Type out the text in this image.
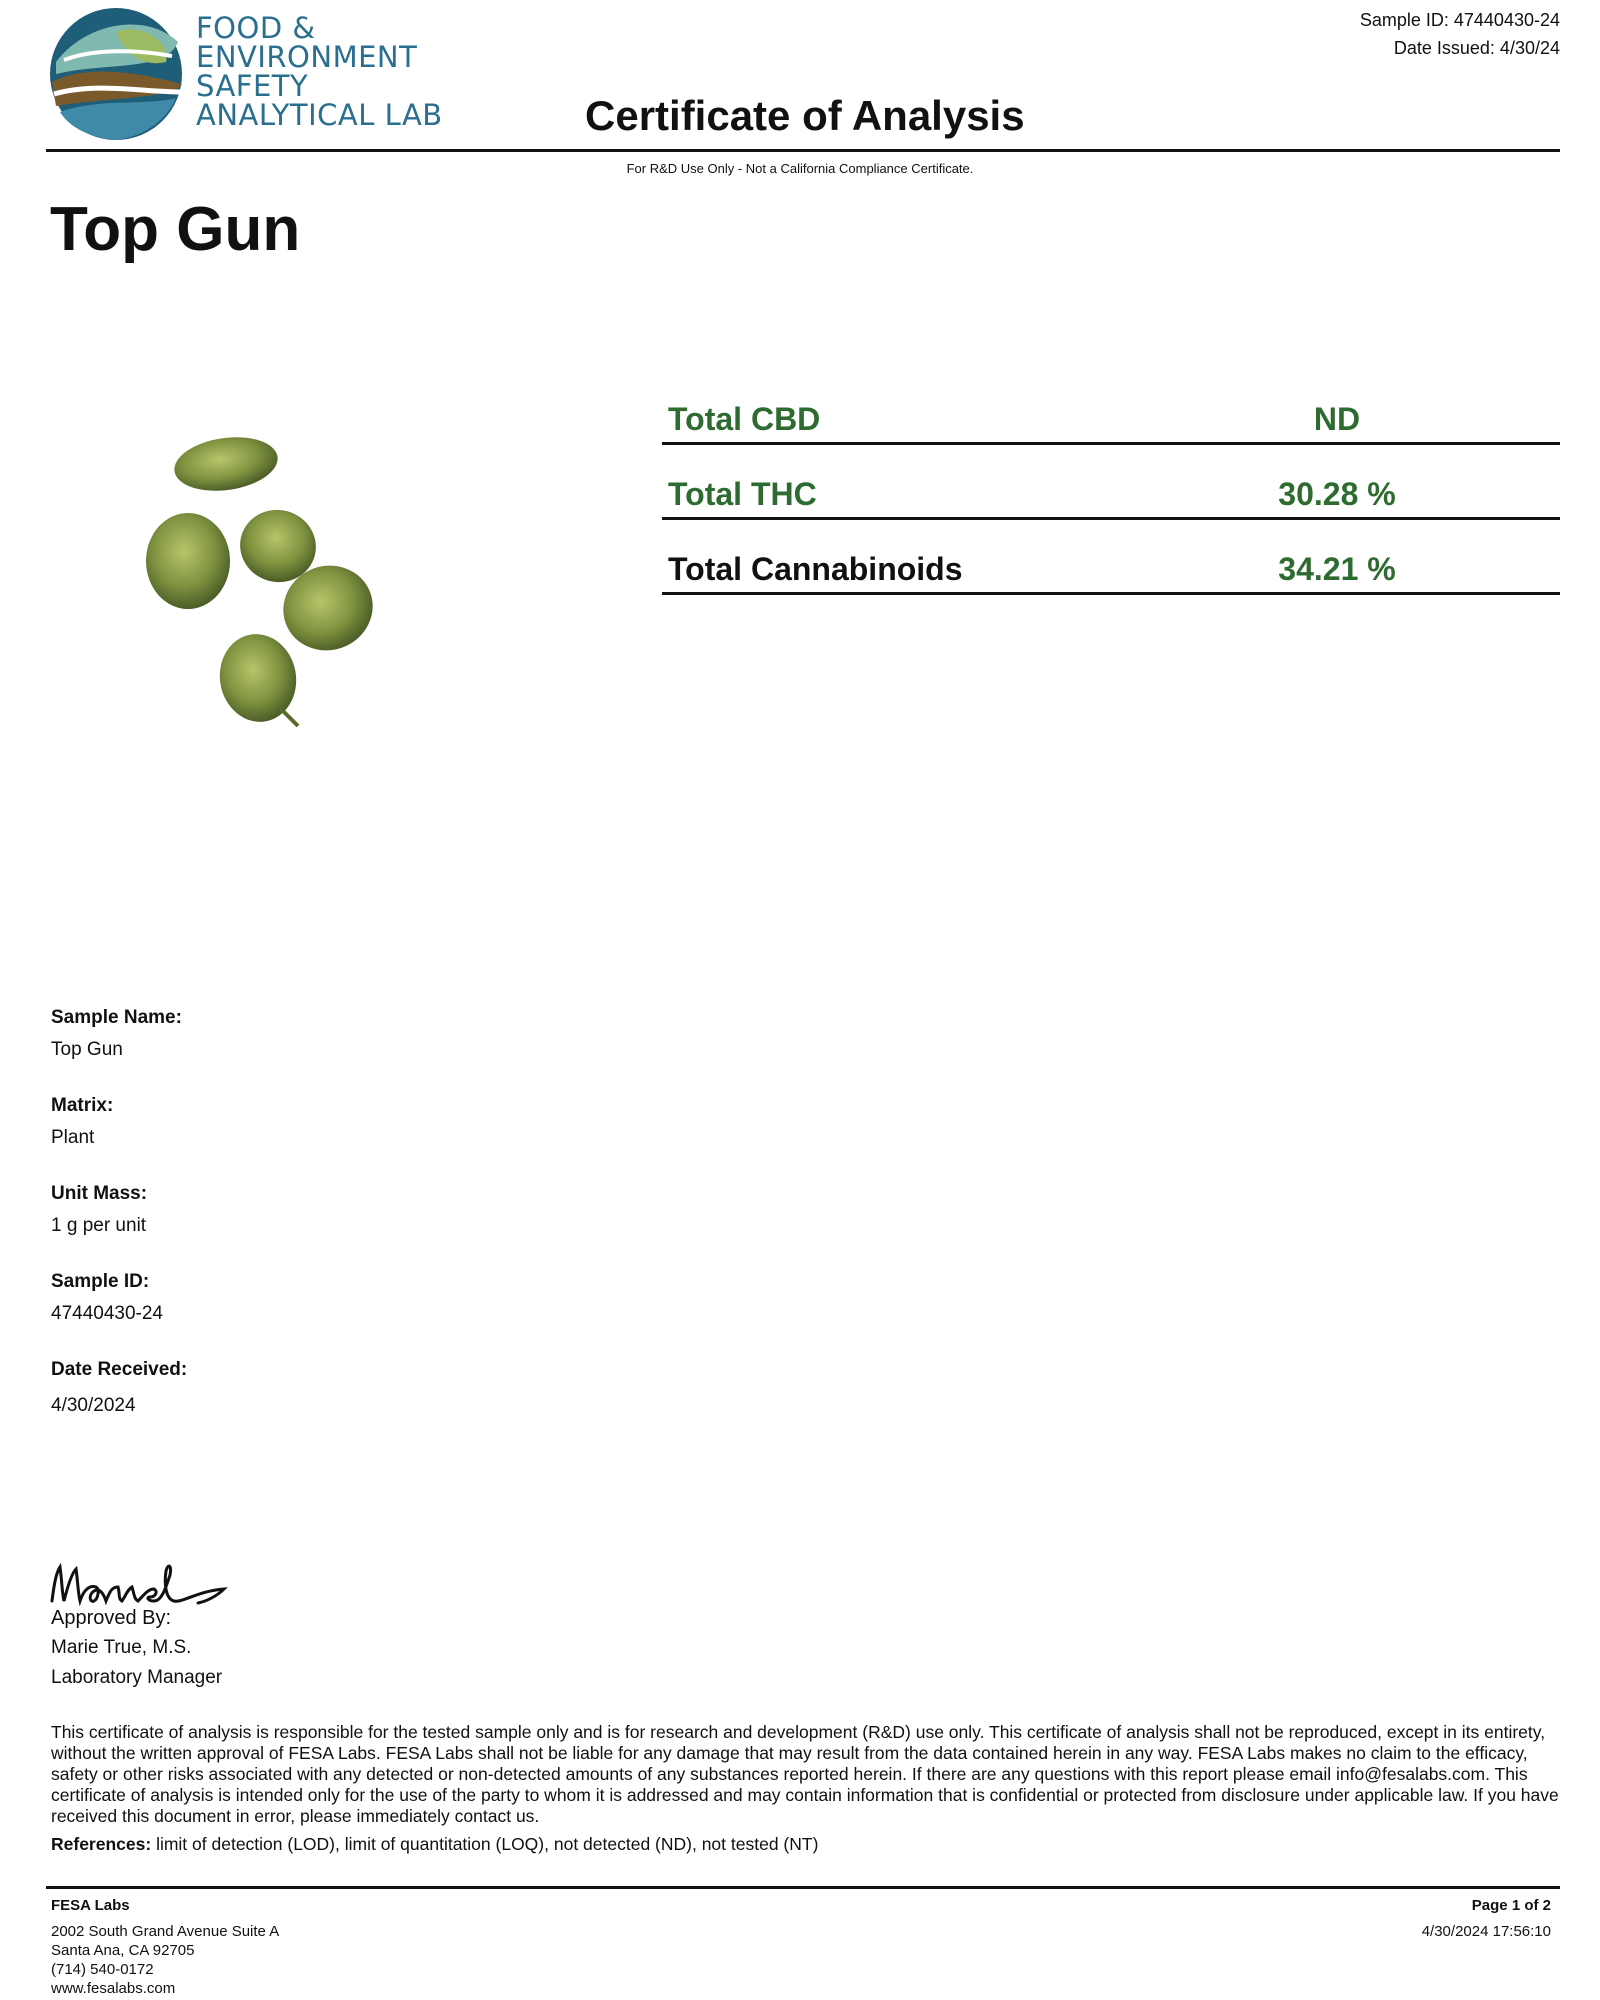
FOOD &
ENVIRONMENT
SAFETY
ANALYTICAL LAB
Sample ID: 47440430-24
Date Issued: 4/30/24
Certificate of Analysis
For R&D Use Only - Not a California Compliance Certificate.
Top Gun
Total CBD	ND
Total THC	30.28 %
Total Cannabinoids	34.21 %
Sample Name:
Top Gun
Matrix:
Plant
Unit Mass:
1 g per unit
Sample ID:
47440430-24
Date Received:
4/30/2024
Approved By:
Marie True, M.S.
Laboratory Manager
This certificate of analysis is responsible for the tested sample only and is for research and development (R&D) use only. This certificate of analysis shall not be reproduced, except in its entirety, without the written approval of FESA Labs. FESA Labs shall not be liable for any damage that may result from the data contained herein in any way. FESA Labs makes no claim to the efficacy, safety or other risks associated with any detected or non-detected amounts of any substances reported herein. If there are any questions with this report please email info@fesalabs.com. This certificate of analysis is intended only for the use of the party to whom it is addressed and may contain information that is confidential or protected from disclosure under applicable law. If you have received this document in error, please immediately contact us.
References: limit of detection (LOD), limit of quantitation (LOQ), not detected (ND), not tested (NT)
FESA Labs
2002 South Grand Avenue Suite A
Santa Ana, CA 92705
(714) 540-0172
www.fesalabs.com
Page 1 of 2
4/30/2024 17:56:10
